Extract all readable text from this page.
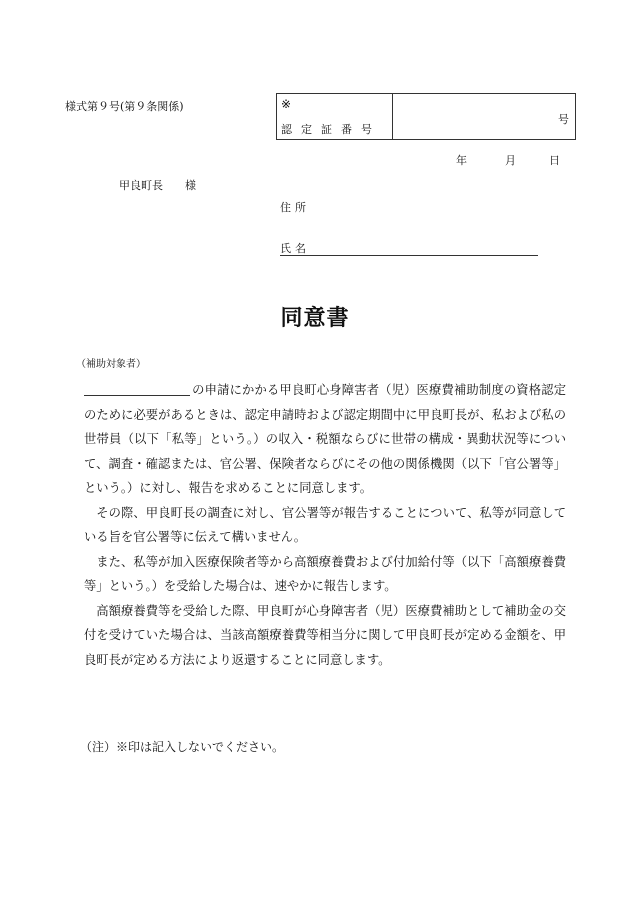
様式第９号(第９条関係)	※
認定証番号
号
年	月	日
甲良町長　　様
住所
氏名
同意書
（補助対象者）

の申請にかかる甲良町心身障害者（児）医療費補助制度の資格認定のために必要があるときは、認定申請時および認定期間中に甲良町長が、私および私の世帯員（以下「私等」という。）の収入・税額ならびに世帯の構成・異動状況等について、調査・確認または、官公署、保険者ならびにその他の関係機関（以下「官公署等」という。）に対し、報告を求めることに同意します。

その際、甲良町長の調査に対し、官公署等が報告することについて、私等が同意している旨を官公署等に伝えて構いません。

また、私等が加入医療保険者等から高額療養費および付加給付等（以下「高額療養費等」という。）を受給した場合は、速やかに報告します。

高額療養費等を受給した際、甲良町が心身障害者（児）医療費補助として補助金の交付を受けていた場合は、当該高額療養費等相当分に関して甲良町長が定める金額を、甲良町長が定める方法により返還することに同意します。

（注）※印は記入しないでください。
